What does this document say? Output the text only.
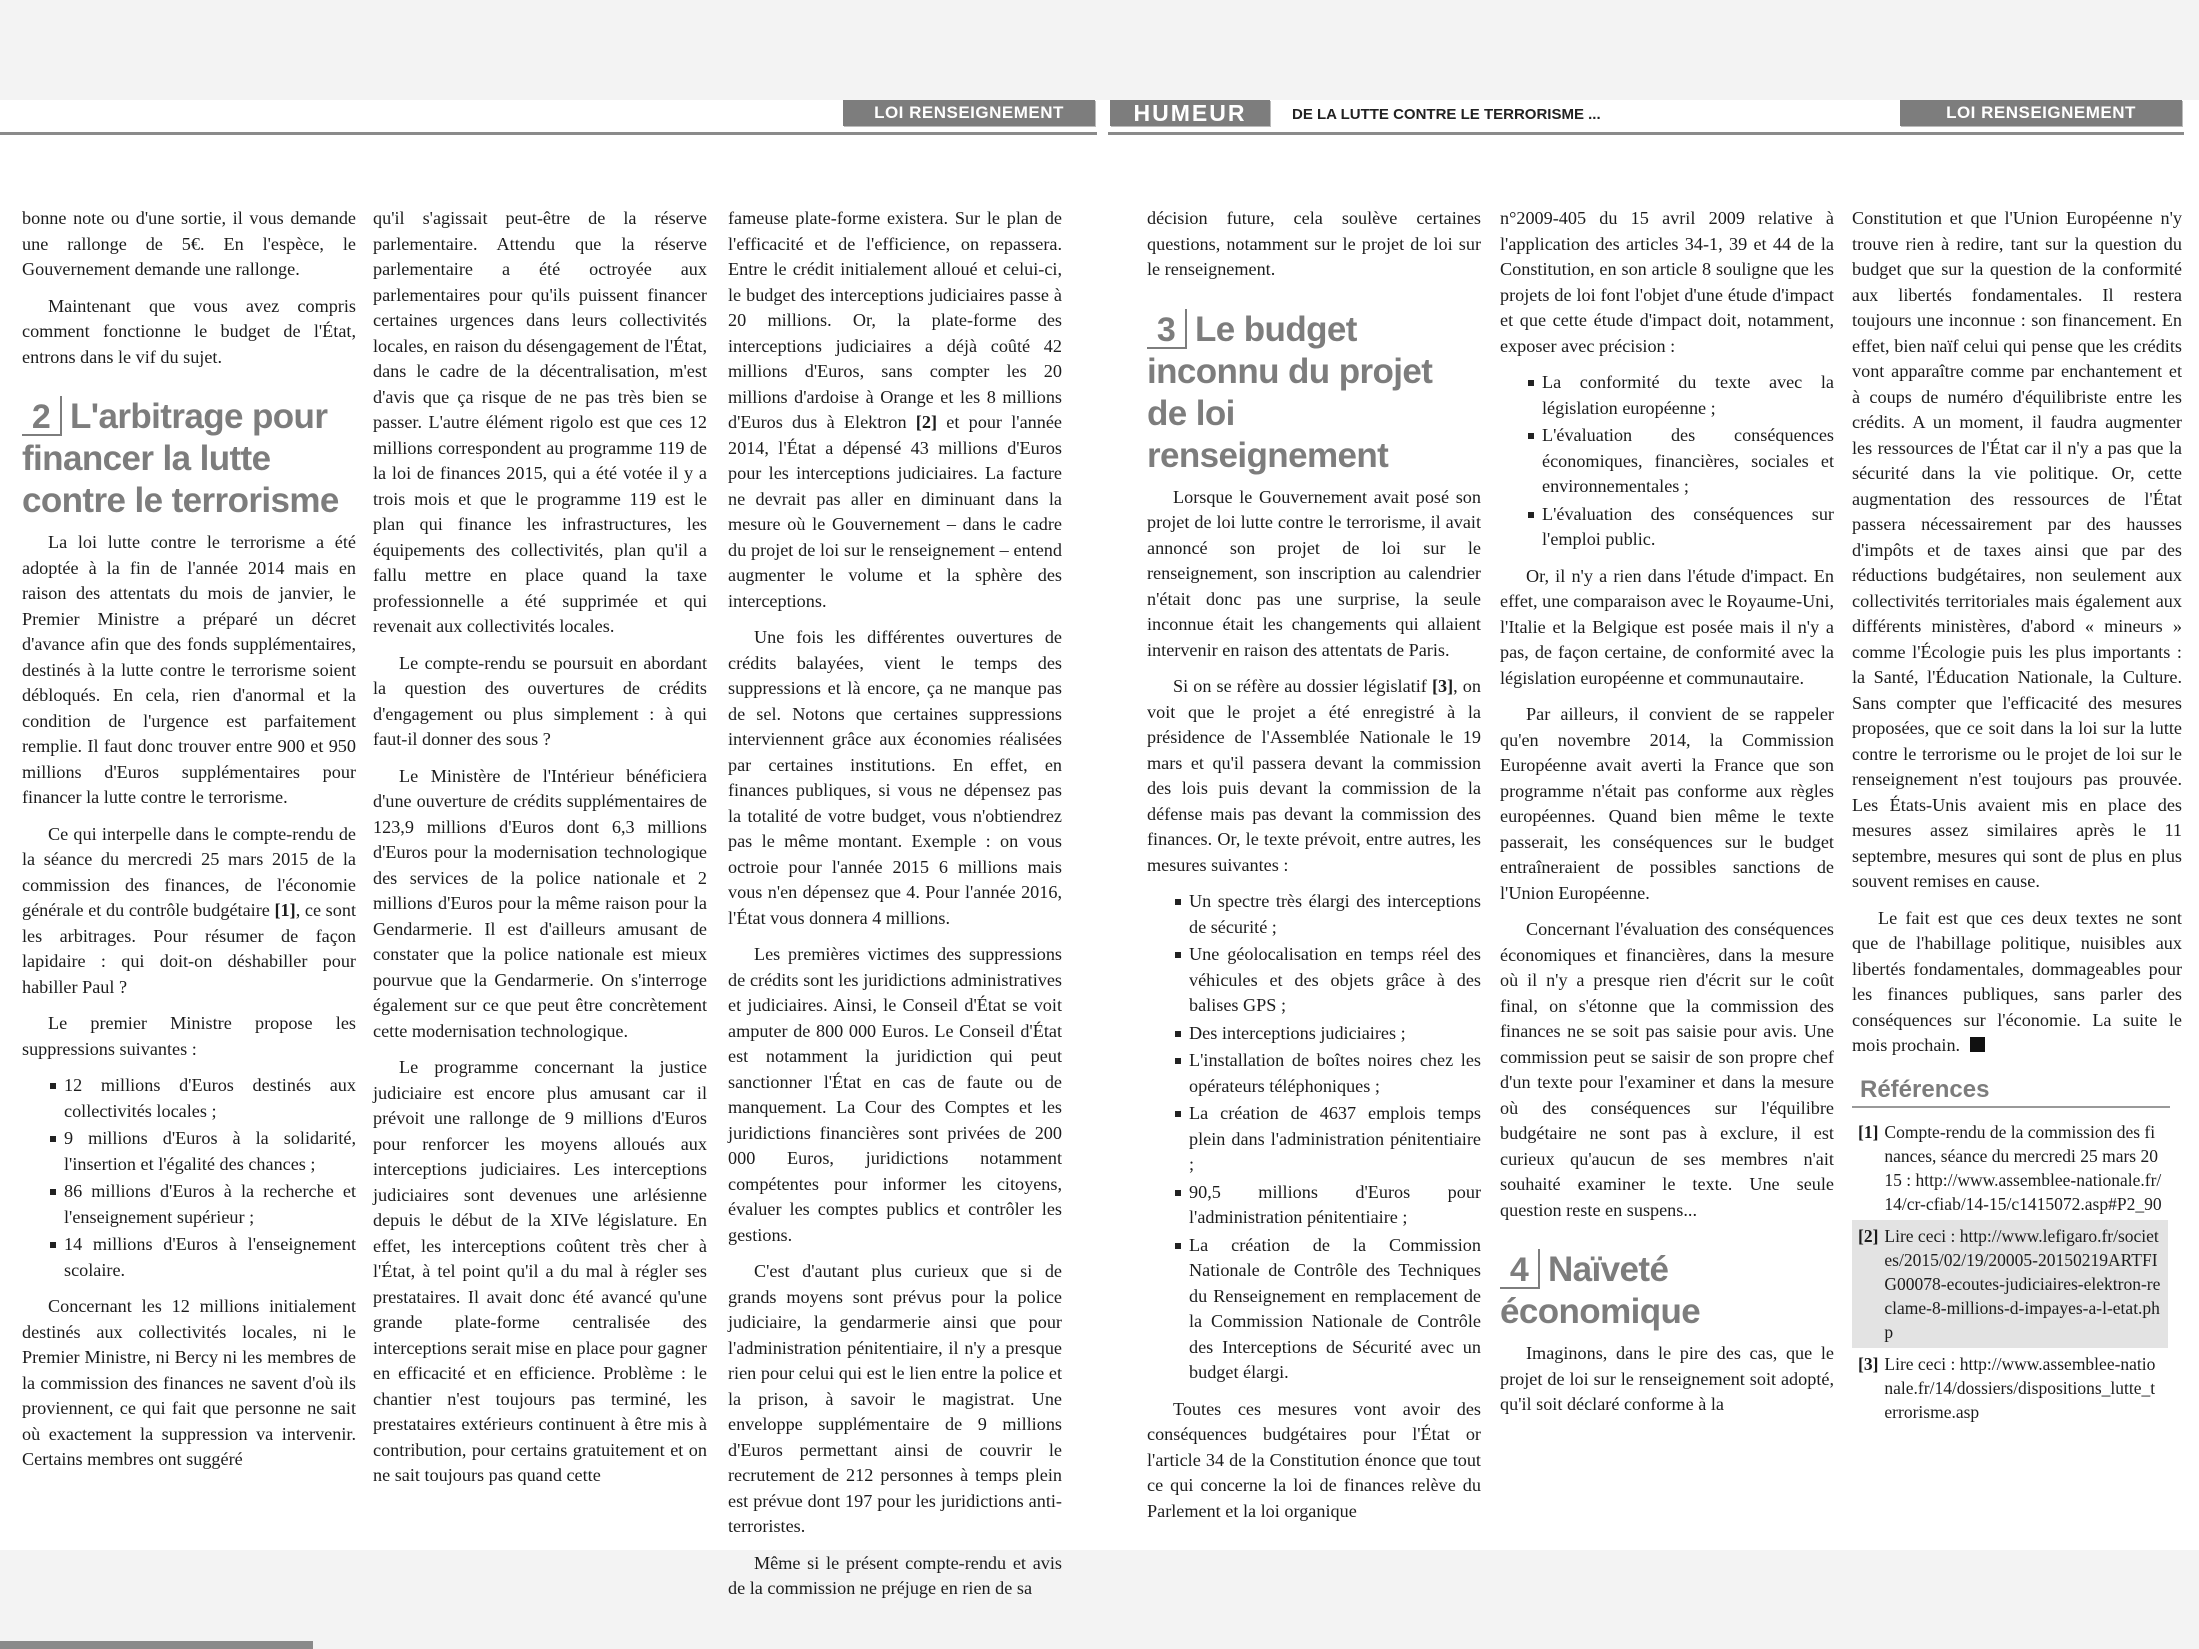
LOI RENSEIGNEMENT	HUMEUR	DE LA LUTTE CONTRE LE TERRORISME ...	LOI RENSEIGNEMENT

bonne note ou d'une sortie, il vous demande une rallonge de 5€. En l'espèce, le Gouvernement demande une rallonge.

Maintenant que vous avez compris comment fonctionne le budget de l'État, entrons dans le vif du sujet.

2 L'arbitrage pour financer la lutte contre le terrorisme

La loi lutte contre le terrorisme a été adoptée à la fin de l'année 2014 mais en raison des attentats du mois de janvier, le Premier Ministre a préparé un décret d'avance afin que des fonds supplémentaires, destinés à la lutte contre le terrorisme soient débloqués. En cela, rien d'anormal et la condition de l'urgence est parfaitement remplie. Il faut donc trouver entre 900 et 950 millions d'Euros supplémentaires pour financer la lutte contre le terrorisme.

Ce qui interpelle dans le compte-rendu de la séance du mercredi 25 mars 2015 de la commission des finances, de l'économie générale et du contrôle budgétaire [1], ce sont les arbitrages. Pour résumer de façon lapidaire : qui doit-on déshabiller pour habiller Paul ?

Le premier Ministre propose les suppressions suivantes :

12 millions d'Euros destinés aux collectivités locales ;
9 millions d'Euros à la solidarité, l'insertion et l'égalité des chances ;
86 millions d'Euros à la recherche et l'enseignement supérieur ;
14 millions d'Euros à l'enseignement scolaire.

Concernant les 12 millions initialement destinés aux collectivités locales, ni le Premier Ministre, ni Bercy ni les membres de la commission des finances ne savent d'où ils proviennent, ce qui fait que personne ne sait où exactement la suppression va intervenir. Certains membres ont suggéré

qu'il s'agissait peut-être de la réserve parlementaire. Attendu que la réserve parlementaire a été octroyée aux parlementaires pour qu'ils puissent financer certaines urgences dans leurs collectivités locales, en raison du désengagement de l'État, dans le cadre de la décentralisation, m'est d'avis que ça risque de ne pas très bien se passer. L'autre élément rigolo est que ces 12 millions correspondent au programme 119 de la loi de finances 2015, qui a été votée il y a trois mois et que le programme 119 est le plan qui finance les infrastructures, les équipements des collectivités, plan qu'il a fallu mettre en place quand la taxe professionnelle a été supprimée et qui revenait aux collectivités locales.

Le compte-rendu se poursuit en abordant la question des ouvertures de crédits d'engagement ou plus simplement : à qui faut-il donner des sous ?

Le Ministère de l'Intérieur bénéficiera d'une ouverture de crédits supplémentaires de 123,9 millions d'Euros dont 6,3 millions d'Euros pour la modernisation technologique des services de la police nationale et 2 millions d'Euros pour la même raison pour la Gendarmerie. Il est d'ailleurs amusant de constater que la police nationale est mieux pourvue que la Gendarmerie. On s'interroge également sur ce que peut être concrètement cette modernisation technologique.

Le programme concernant la justice judiciaire est encore plus amusant car il prévoit une rallonge de 9 millions d'Euros pour renforcer les moyens alloués aux interceptions judiciaires. Les interceptions judiciaires sont devenues une arlésienne depuis le début de la XIVe législature. En effet, les interceptions coûtent très cher à l'État, à tel point qu'il a du mal à régler ses prestataires. Il avait donc été avancé qu'une grande plate-forme centralisée des interceptions serait mise en place pour gagner en efficacité et en efficience. Problème : le chantier n'est toujours pas terminé, les prestataires extérieurs continuent à être mis à contribution, pour certains gratuitement et on ne sait toujours pas quand cette

fameuse plate-forme existera. Sur le plan de l'efficacité et de l'efficience, on repassera. Entre le crédit initialement alloué et celui-ci, le budget des interceptions judiciaires passe à 20 millions. Or, la plate-forme des interceptions judiciaires a déjà coûté 42 millions d'Euros, sans compter les 20 millions d'ardoise à Orange et les 8 millions d'Euros dus à Elektron [2] et pour l'année 2014, l'État a dépensé 43 millions d'Euros pour les interceptions judiciaires. La facture ne devrait pas aller en diminuant dans la mesure où le Gouvernement – dans le cadre du projet de loi sur le renseignement – entend augmenter le volume et la sphère des interceptions.

Une fois les différentes ouvertures de crédits balayées, vient le temps des suppressions et là encore, ça ne manque pas de sel. Notons que certaines suppressions interviennent grâce aux économies réalisées par certaines institutions. En effet, en finances publiques, si vous ne dépensez pas la totalité de votre budget, vous n'obtiendrez pas le même montant. Exemple : on vous octroie pour l'année 2015 6 millions mais vous n'en dépensez que 4. Pour l'année 2016, l'État vous donnera 4 millions.

Les premières victimes des suppressions de crédits sont les juridictions administratives et judiciaires. Ainsi, le Conseil d'État se voit amputer de 800 000 Euros. Le Conseil d'État est notamment la juridiction qui peut sanctionner l'État en cas de faute ou de manquement. La Cour des Comptes et les juridictions financières sont privées de 200 000 Euros, juridictions notamment compétentes pour informer les citoyens, évaluer les comptes publics et contrôler les gestions.

C'est d'autant plus curieux que si de grands moyens sont prévus pour la police judiciaire, la gendarmerie ainsi que pour l'administration pénitentiaire, il n'y a presque rien pour celui qui est le lien entre la police et la prison, à savoir le magistrat. Une enveloppe supplémentaire de 9 millions d'Euros permettant ainsi de couvrir le recrutement de 212 personnes à temps plein est prévue dont 197 pour les juridictions anti-terroristes.

Même si le présent compte-rendu et avis de la commission ne préjuge en rien de sa

décision future, cela soulève certaines questions, notamment sur le projet de loi sur le renseignement.

3 Le budget inconnu du projet de loi renseignement

Lorsque le Gouvernement avait posé son projet de loi lutte contre le terrorisme, il avait annoncé son projet de loi sur le renseignement, son inscription au calendrier n'était donc pas une surprise, la seule inconnue était les changements qui allaient intervenir en raison des attentats de Paris.

Si on se réfère au dossier législatif [3], on voit que le projet a été enregistré à la présidence de l'Assemblée Nationale le 19 mars et qu'il passera devant la commission des lois puis devant la commission de la défense mais pas devant la commission des finances. Or, le texte prévoit, entre autres, les mesures suivantes :

Un spectre très élargi des interceptions de sécurité ;
Une géolocalisation en temps réel des véhicules et des objets grâce à des balises GPS ;
Des interceptions judiciaires ;
L'installation de boîtes noires chez les opérateurs téléphoniques ;
La création de 4637 emplois temps plein dans l'administration pénitentiaire ;
90,5 millions d'Euros pour l'administration pénitentiaire ;
La création de la Commission Nationale de Contrôle des Techniques du Renseignement en remplacement de la Commission Nationale de Contrôle des Interceptions de Sécurité avec un budget élargi.

Toutes ces mesures vont avoir des conséquences budgétaires pour l'État or l'article 34 de la Constitution énonce que tout ce qui concerne la loi de finances relève du Parlement et la loi organique

n°2009-405 du 15 avril 2009 relative à l'application des articles 34-1, 39 et 44 de la Constitution, en son article 8 souligne que les projets de loi font l'objet d'une étude d'impact et que cette étude d'impact doit, notamment, exposer avec précision :

La conformité du texte avec la législation européenne ;
L'évaluation des conséquences économiques, financières, sociales et environnementales ;
L'évaluation des conséquences sur l'emploi public.

Or, il n'y a rien dans l'étude d'impact. En effet, une comparaison avec le Royaume-Uni, l'Italie et la Belgique est posée mais il n'y a pas, de façon certaine, de conformité avec la législation européenne et communautaire.

Par ailleurs, il convient de se rappeler qu'en novembre 2014, la Commission Européenne avait averti la France que son programme n'était pas conforme aux règles européennes. Quand bien même le texte passerait, les conséquences sur le budget entraîneraient de possibles sanctions de l'Union Européenne.

Concernant l'évaluation des conséquences économiques et financières, dans la mesure où il n'y a presque rien d'écrit sur le coût final, on s'étonne que la commission des finances ne se soit pas saisie pour avis. Une commission peut se saisir de son propre chef d'un texte pour l'examiner et dans la mesure où des conséquences sur l'équilibre budgétaire ne sont pas à exclure, il est curieux qu'aucun de ses membres n'ait souhaité examiner le texte. Une seule question reste en suspens...

4 Naïveté économique

Imaginons, dans le pire des cas, que le projet de loi sur le renseignement soit adopté, qu'il soit déclaré conforme à la

Constitution et que l'Union Européenne n'y trouve rien à redire, tant sur la question du budget que sur la question de la conformité aux libertés fondamentales. Il restera toujours une inconnue : son financement. En effet, bien naïf celui qui pense que les crédits vont apparaître comme par enchantement et à coups de numéro d'équilibriste entre les crédits. A un moment, il faudra augmenter les ressources de l'État car il n'y a pas que la sécurité dans la vie politique. Or, cette augmentation des ressources de l'État passera nécessairement par des hausses d'impôts et de taxes ainsi que par des réductions budgétaires, non seulement aux collectivités territoriales mais également aux différents ministères, d'abord « mineurs » comme l'Écologie puis les plus importants : la Santé, l'Éducation Nationale, la Culture. Sans compter que l'efficacité des mesures proposées, que ce soit dans la loi sur la lutte contre le terrorisme ou le projet de loi sur le renseignement n'est toujours pas prouvée. Les États-Unis avaient mis en place des mesures assez similaires après le 11 septembre, mesures qui sont de plus en plus souvent remises en cause.

Le fait est que ces deux textes ne sont que de l'habillage politique, nuisibles aux libertés fondamentales, dommageables pour les finances publiques, sans parler des conséquences sur l'économie. La suite le mois prochain.

Références
[1] Compte-rendu de la commission des finances, séance du mercredi 25 mars 2015 : http://www.assemblee-nationale.fr/14/cr-cfiab/14-15/c1415072.asp#P2_90
[2] Lire ceci : http://www.lefigaro.fr/societes/2015/02/19/20005-20150219ARTFIG00078-ecoutes-judiciaires-elektron-reclame-8-millions-d-impayes-a-l-etat.php
[3] Lire ceci : http://www.assemblee-nationale.fr/14/dossiers/dispositions_lutte_terrorisme.asp
